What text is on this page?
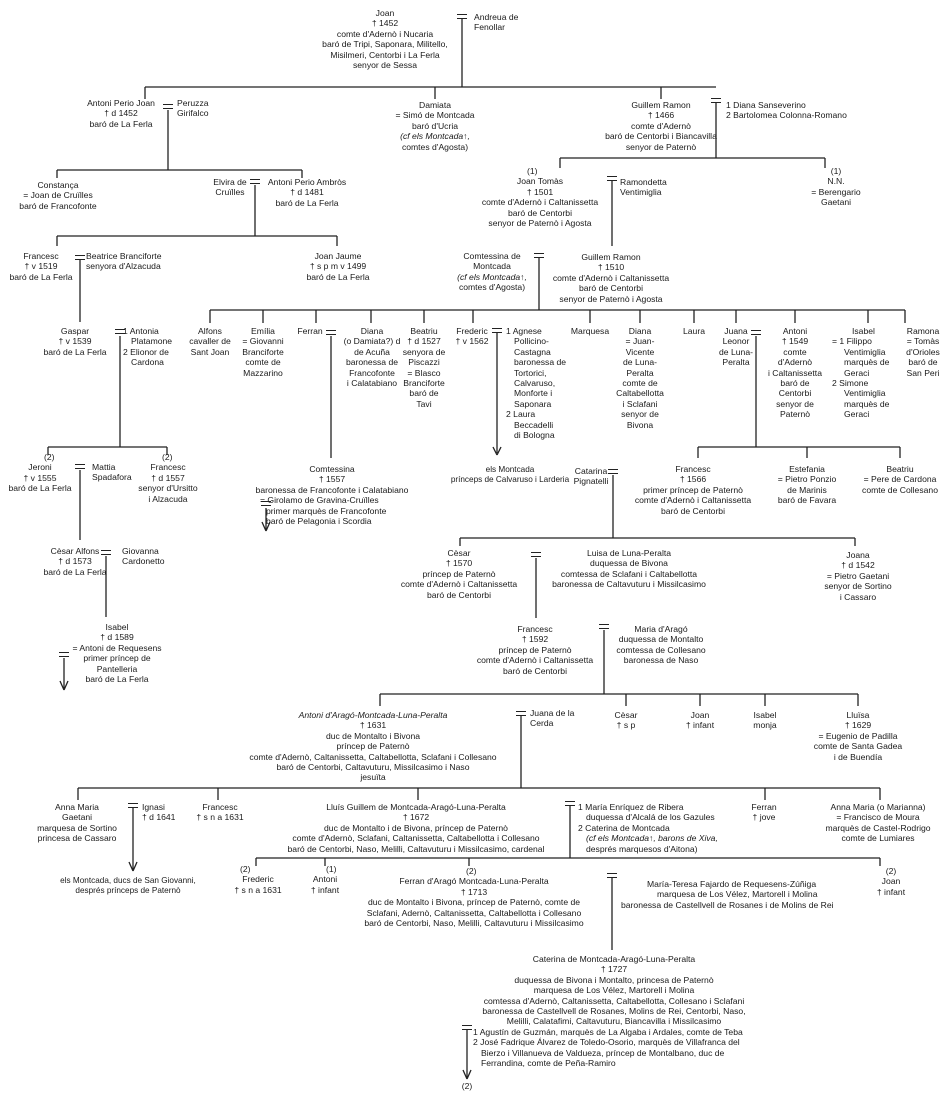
Joan
† 1452
comte d'Adernò i Nucaria
baró de Tripi, Saponara, Militello,
Misilmeri, Centorbi i La Ferla
senyor de Sessa
Andreua de
Fenollar
Antoni Perio Joan
† d 1452
baró de La Ferla
Peruzza
Girifalco
Damiata
= Simó de Montcada
baró d'Ucria
(cf els Montcada↑,
comtes d'Agosta)
Guillem Ramon
† 1466
comte d'Adernò
baró de Centorbi i Biancavilla
senyor de Paternò
1 Diana Sanseverino
2 Bartolomea Colonna-Romano
Constança
= Joan de Cruïlles
baró de Francofonte
Elvira de
Cruïlles
Antoni Perio Ambròs
† d 1481
baró de La Ferla
(1)
Joan Tomàs
† 1501
comte d'Adernò i Caltanissetta
baró de Centorbi
senyor de Paternò i Agosta
Ramondetta
Ventimiglia
(1)
N.N.
= Berengario
Gaetani
Francesc
† v 1519
baró de La Ferla
Beatrice Branciforte
senyora d'Alzacuda
Joan Jaume
† s p m v 1499
baró de La Ferla
Comtessina de
Montcada
(cf els Montcada↑,
comtes d'Agosta)
Guillem Ramon
† 1510
comte d'Adernò i Caltanissetta
baró de Centorbi
senyor de Paternò i Agosta
Gaspar
† v 1539
baró de La Ferla
1 Antonia
Platamone
2 Elionor de
Cardona
Alfons
cavaller de
Sant Joan
Emília
= Giovanni
Branciforte
comte de
Mazzarino
Ferran	Diana
(o Damiata?) d
de Acuña
baronessa de
Francofonte
i Calatabiano
Beatriu
† d 1527
senyora de
Piscazzi
= Blasco
Branciforte
baró de
Tavi
Frederic
† v 1562
1 Agnese
Pollicino-
Castagna
baronessa de
Tortorici,
Calvaruso,
Monforte i
Saponara
2 Laura
Beccadelli
di Bologna
Marquesa	Diana
= Juan-
Vicente
de Luna-
Peralta
comte de
Caltabellotta
i Sclafani
senyor de
Bivona
Laura	Juana
Leonor
de Luna-
Peralta
Antoni
† 1549
comte
d'Adernò
i Caltanissetta
baró de
Centorbi
senyor de
Paternò
Isabel
= 1 Filippo
Ventimiglia
marquès de
Geraci
2 Simone
Ventimiglia
marquès de
Geraci
Ramona
= Tomàs
d'Orioles
baró de
San Peri
(2)
Jeroni
† v 1555
baró de La Ferla
Mattia
Spadafora
(2)
Francesc
† d 1557
senyor d'Ursitto
i Alzacuda
els Montcada
prínceps de Calvaruso i Larderia
Catarina
Pignatelli
Francesc
† 1566
primer príncep de Paternò
comte d'Adernò i Caltanissetta
baró de Centorbi
Estefania
= Pietro Ponzio
de Marinis
baró de Favara
Beatriu
= Pere de Cardona
comte de Collesano
Comtessina
† 1557
baronessa de Francofonte i Calatabiano
= Girolamo de Gravina-Cruïlles
primer marquès de Francofonte
baró de Pelagonia i Scordia
Cèsar Alfons
† d 1573
baró de La Ferla
Giovanna
Cardonetto
Cèsar
† 1570
príncep de Paternò
comte d'Adernò i Caltanissetta
baró de Centorbi
Luisa de Luna-Peralta
duquessa de Bivona
comtessa de Sclafani i Caltabellotta
baronessa de Caltavuturu i Missilcasimo
Joana
† d 1542
= Pietro Gaetani
senyor de Sortino
i Cassaro
Isabel
† d 1589
= Antoni de Requesens
primer príncep de
Pantelleria
baró de La Ferla
Francesc
† 1592
príncep de Paternò
comte d'Adernò i Caltanissetta
baró de Centorbi
Maria d'Aragó
duquessa de Montalto
comtessa de Collesano
baronessa de Naso
Antoni d'Aragó-Montcada-Luna-Peralta
† 1631
duc de Montalto i Bivona
príncep de Paternò
comte d'Adernò, Caltanissetta, Caltabellotta, Sclafani i Collesano
baró de Centorbi, Caltavuturu, Missilcasimo i Naso
jesuïta
Juana de la
Cerda
Cèsar
† s p
Joan
† infant
Isabel
monja
Lluïsa
† 1629
= Eugenio de Padilla
comte de Santa Gadea
i de Buendía
Anna Maria
Gaetani
marquesa de Sortino
princesa de Cassaro
Ignasi
† d 1641
Francesc
† s n a 1631
Lluís Guillem de Montcada-Aragó-Luna-Peralta
† 1672
duc de Montalto i de Bivona, príncep de Paternò
comte d'Adernò, Sclafani, Caltanissetta, Caltabellotta i Collesano
baró de Centorbi, Naso, Melilli, Caltavuturu i Missilcasimo, cardenal
1 María Enríquez de Ribera
duquessa d'Alcalá de los Gazules
2 Caterina de Montcada
(cf els Montcada↑, barons de Xiva,
després marquesos d'Aitona)
Ferran
† jove
Anna Maria (o Marianna)
= Francisco de Moura
marquès de Castel-Rodrigo
comte de Lumiares
els Montcada, ducs de San Giovanni,
després prínceps de Paternò
(2)
Frederic
† s n a 1631
(1)
Antoni
† infant
(2)
Ferran d'Aragó Montcada-Luna-Peralta
† 1713
duc de Montalto i Bivona, príncep de Paternò, comte de
Sclafani, Adernò, Caltanissetta, Caltabellotta i Collesano
baró de Centorbi, Naso, Melilli, Caltavuturu i Missilcasimo
María-Teresa Fajardo de Requesens-Zúñiga
marquesa de Los Vélez, Martorell i Molina
baronessa de Castellvell de Rosanes i de Molins de Rei
(2)
Joan
† infant
Caterina de Montcada-Aragó-Luna-Peralta
† 1727
duquessa de Bivona i Montalto, princesa de Paternò
marquesa de Los Vélez, Martorell i Molina
comtessa d'Adernò, Caltanissetta, Caltabellotta, Collesano i Sclafani
baronessa de Castellvell de Rosanes, Molins de Rei, Centorbi, Naso,
Melilli, Calatafimi, Caltavuturu, Biancavilla i Missilcasimo
1 Agustín de Guzmán, marquès de La Algaba i Ardales, comte de Teba
2 José Fadrique Álvarez de Toledo-Osorio, marquès de Villafranca del
Bierzo i Villanueva de Valdueza, príncep de Montalbano, duc de
Ferrandina, comte de Peña-Ramiro
(2)
